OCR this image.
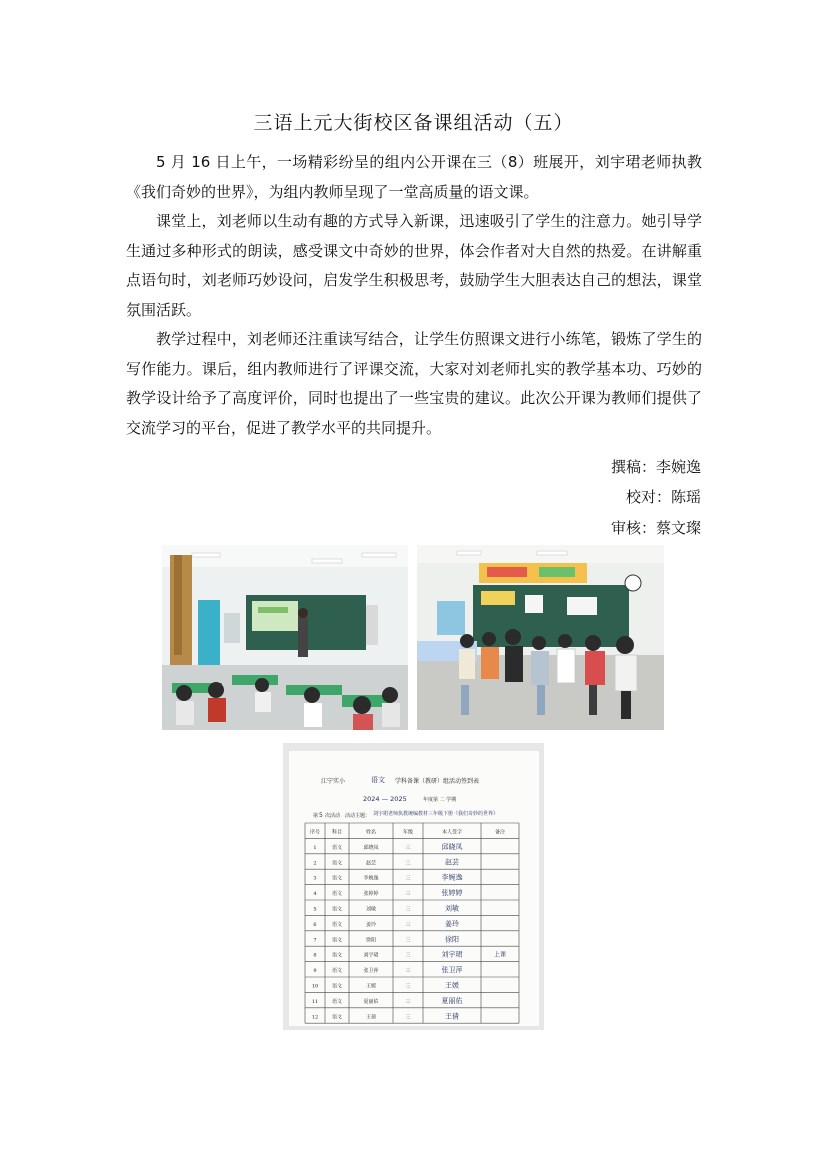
三语上元大街校区备课组活动（五）

5 月 16 日上午，一场精彩纷呈的组内公开课在三（8）班展开，刘宇珺老师执教《我们奇妙的世界》，为组内教师呈现了一堂高质量的语文课。

课堂上，刘老师以生动有趣的方式导入新课，迅速吸引了学生的注意力。她引导学生通过多种形式的朗读，感受课文中奇妙的世界，体会作者对大自然的热爱。在讲解重点语句时，刘老师巧妙设问，启发学生积极思考，鼓励学生大胆表达自己的想法，课堂氛围活跃。

教学过程中，刘老师还注重读写结合，让学生仿照课文进行小练笔，锻炼了学生的写作能力。课后，组内教师进行了评课交流，大家对刘老师扎实的教学基本功、巧妙的教学设计给予了高度评价，同时也提出了一些宝贵的建议。此次公开课为教师们提供了交流学习的平台，促进了教学水平的共同提升。

撰稿：李婉逸
校对：陈瑶
审核：蔡文璨
江宁实小	语文 学科备课（教研）组活动签到表
2024 — 2025	年度第 二 学期
第 5 次活动 活动主题： 刘宇珺老师执教统编教材三年级下册《我们奇妙的世界》
序号 科目	姓名	年级	本人签字	备注
1	语文	邱晓凤	三	邱晓凤
2	语文	赵芸	三	赵芸
3	语文	李婉逸	三	李婉逸
4	语文	张婷婷	三	张婷婷
5	语文	刘敏	三	刘敏
6	语文	姜玲	三	姜玲
7	语文	徐阳	三	徐阳
8	语文	刘宇珺	三	刘宇珺	上课
9	语文	张卫萍	三	张卫萍
10	语文	王媛	三	王媛
11	语文	夏丽佑	三	夏丽佑
12	语文	王倩	三	王倩
